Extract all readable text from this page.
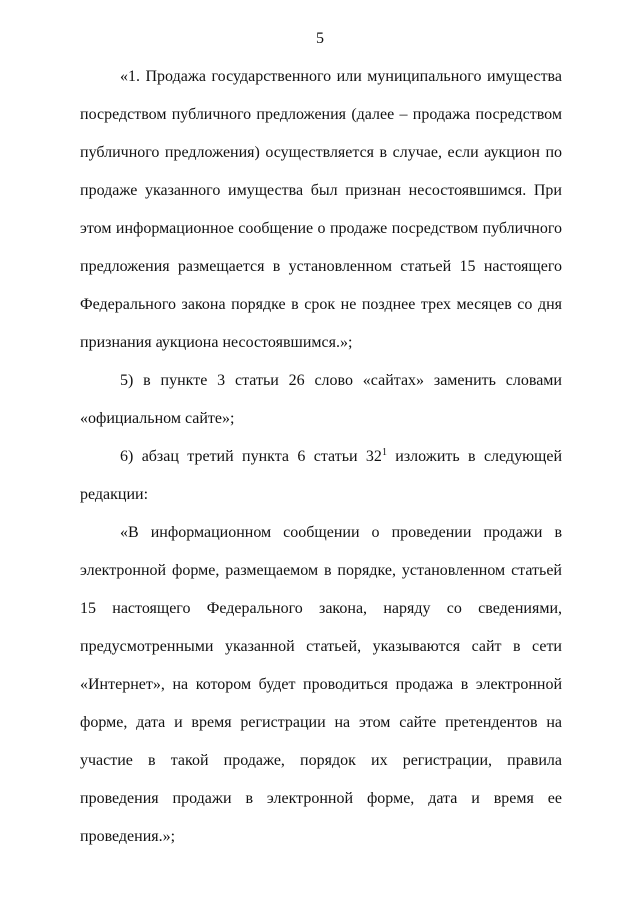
5

«1. Продажа государственного или муниципального имущества посредством публичного предложения (далее – продажа посредством публичного предложения) осуществляется в случае, если аукцион по продаже указанного имущества был признан несостоявшимся. При этом информационное сообщение о продаже посредством публичного предложения размещается в установленном статьей 15 настоящего Федерального закона порядке в срок не позднее трех месяцев со дня признания аукциона несостоявшимся.»;

5) в пункте 3 статьи 26 слово «сайтах» заменить словами «официальном сайте»;

6) абзац третий пункта 6 статьи $32^1$ изложить в следующей редакции:

«В информационном сообщении о проведении продажи в электронной форме, размещаемом в порядке, установленном статьей 15 настоящего Федерального закона, наряду со сведениями, предусмотренными указанной статьей, указываются сайт в сети «Интернет», на котором будет проводиться продажа в электронной форме, дата и время регистрации на этом сайте претендентов на участие в такой продаже, порядок их регистрации, правила проведения продажи в электронной форме, дата и время ее проведения.»;
